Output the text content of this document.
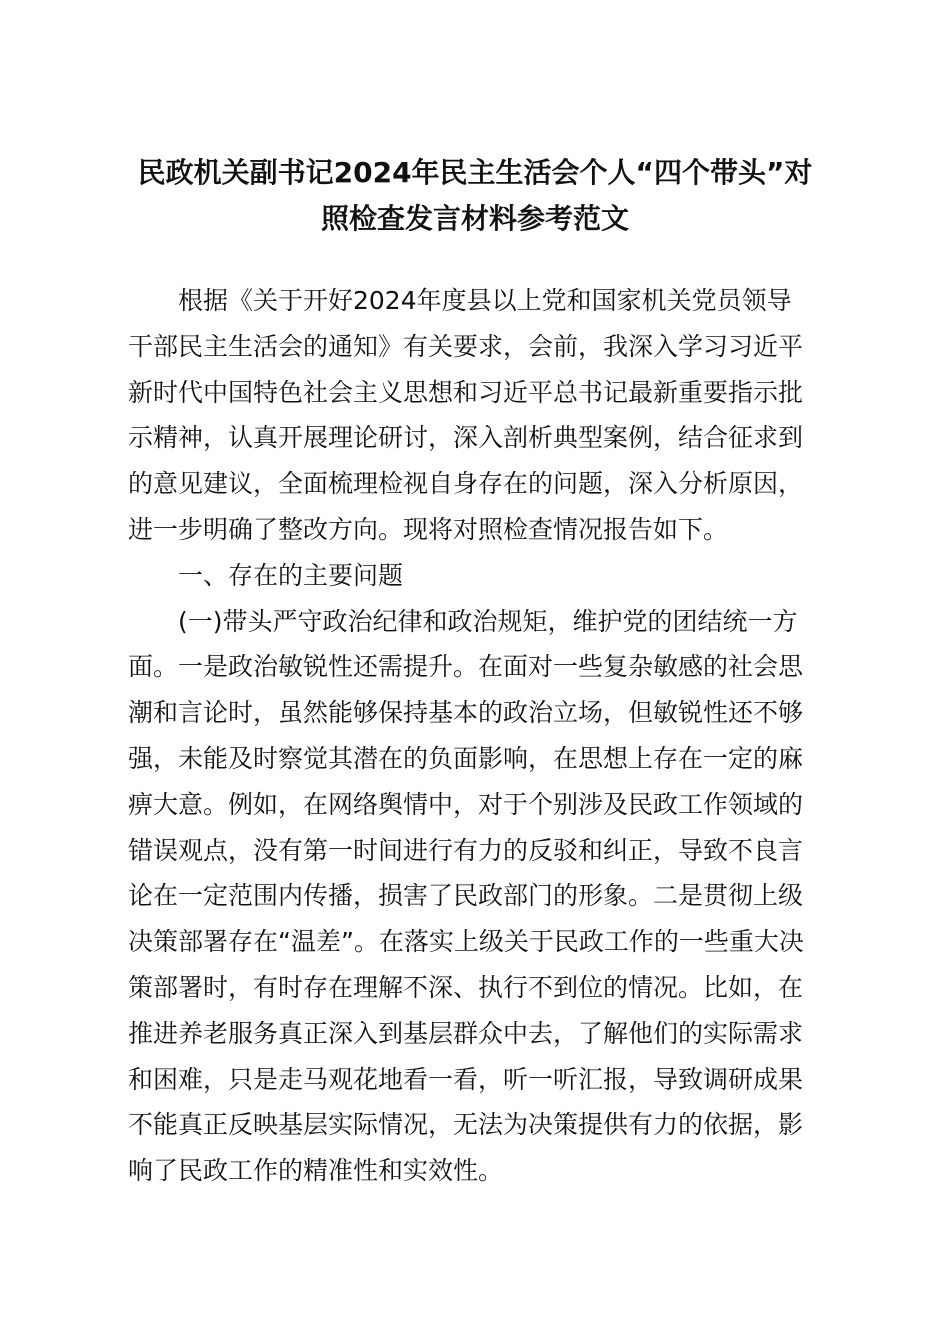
民政机关副书记2024年民主生活会个人“四个带头”对
照检查发言材料参考范文
根据《关于开好2024年度县以上党和国家机关党员领导
干部民主生活会的通知》有关要求，会前，我深入学习习近平
新时代中国特色社会主义思想和习近平总书记最新重要指示批
示精神，认真开展理论研讨，深入剖析典型案例，结合征求到
的意见建议，全面梳理检视自身存在的问题，深入分析原因，
进一步明确了整改方向。现将对照检查情况报告如下。
一、存在的主要问题
(一)带头严守政治纪律和政治规矩，维护党的团结统一方
面。一是政治敏锐性还需提升。在面对一些复杂敏感的社会思
潮和言论时，虽然能够保持基本的政治立场，但敏锐性还不够
强，未能及时察觉其潜在的负面影响，在思想上存在一定的麻
痹大意。例如，在网络舆情中，对于个别涉及民政工作领域的
错误观点，没有第一时间进行有力的反驳和纠正，导致不良言
论在一定范围内传播，损害了民政部门的形象。二是贯彻上级
决策部署存在“温差”。在落实上级关于民政工作的一些重大决
策部署时，有时存在理解不深、执行不到位的情况。比如，在
推进养老服务真正深入到基层群众中去，了解他们的实际需求
和困难，只是走马观花地看一看，听一听汇报，导致调研成果
不能真正反映基层实际情况，无法为决策提供有力的依据，影
响了民政工作的精准性和实效性。
